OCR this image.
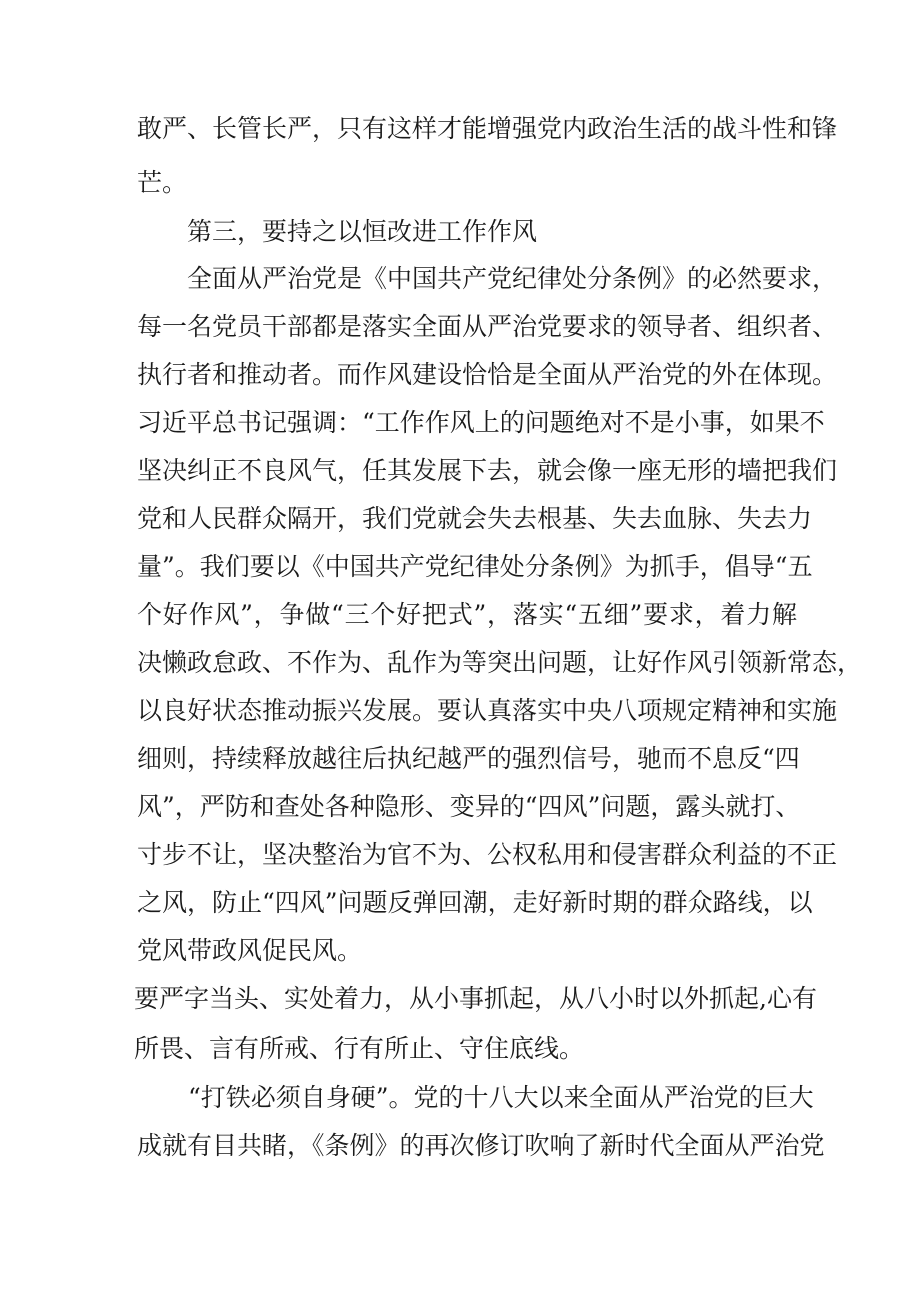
敢严、长管长严，只有这样才能增强党内政治生活的战斗性和锋
芒。
第三，要持之以恒改进工作作风
全面从严治党是《中国共产党纪律处分条例》的必然要求，
每一名党员干部都是落实全面从严治党要求的领导者、组织者、
执行者和推动者。而作风建设恰恰是全面从严治党的外在体现。
习近平总书记强调：“工作作风上的问题绝对不是小事，如果不
坚决纠正不良风气，任其发展下去，就会像一座无形的墙把我们
党和人民群众隔开，我们党就会失去根基、失去血脉、失去力
量”。我们要以《中国共产党纪律处分条例》为抓手，倡导“五
个好作风”，争做“三个好把式”，落实“五细”要求，着力解
决懒政怠政、不作为、乱作为等突出问题，让好作风引领新常态，
以良好状态推动振兴发展。要认真落实中央八项规定精神和实施
细则，持续释放越往后执纪越严的强烈信号，驰而不息反“四
风”，严防和查处各种隐形、变异的“四风”问题，露头就打、
寸步不让，坚决整治为官不为、公权私用和侵害群众利益的不正
之风，防止“四风”问题反弹回潮，走好新时期的群众路线，以
党风带政风促民风。
要严字当头、实处着力，从小事抓起，从八小时以外抓起,心有
所畏、言有所戒、行有所止、守住底线。
“打铁必须自身硬”。党的十八大以来全面从严治党的巨大
成就有目共睹，《条例》的再次修订吹响了新时代全面从严治党
